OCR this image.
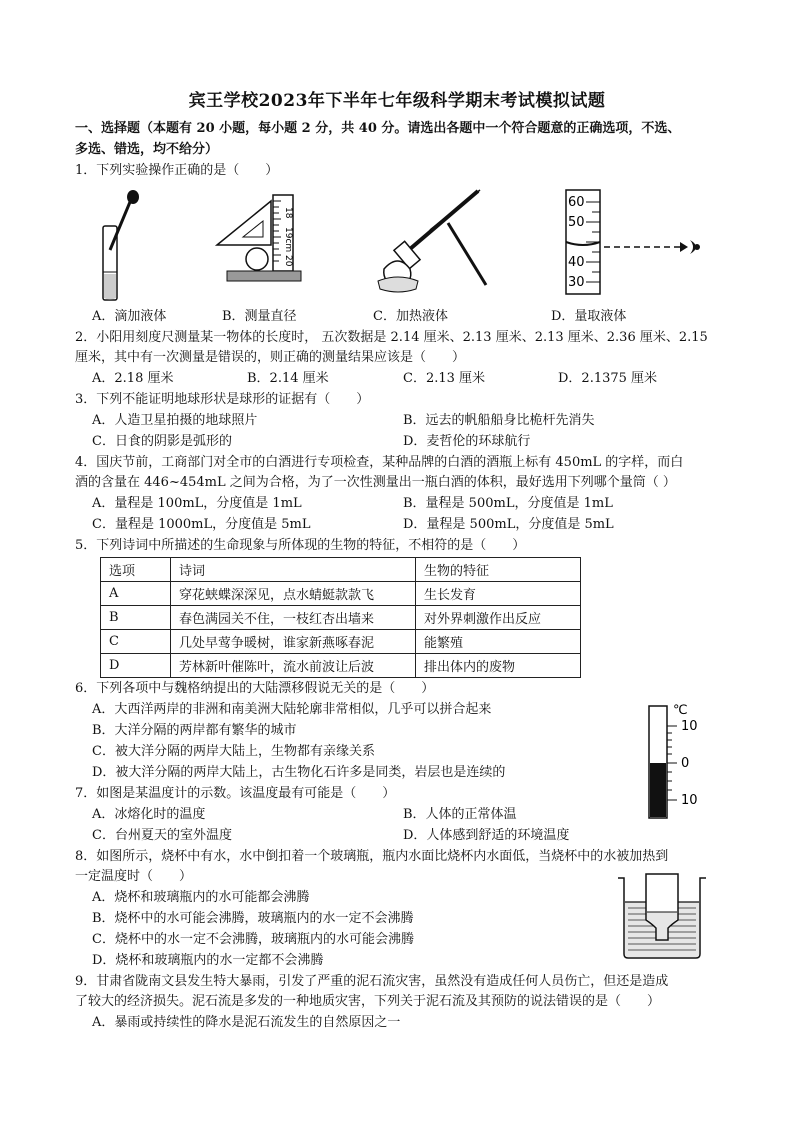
宾王学校2023年下半年七年级科学期末考试模拟试题
一、选择题（本题有 20 小题，每小题 2 分，共 40 分。请选出各题中一个符合题意的正确选项，不选、
多选、错选，均不给分）
1．下列实验操作正确的是（　　）
18
19cm
20
60
50
40
30
A．滴加液体	B．测量直径	C．加热液体	D．量取液体
2．小阳用刻度尺测量某一物体的长度时， 五次数据是 2.14 厘米、2.13 厘米、2.13 厘米、2.36 厘米、2.15
厘米，其中有一次测量是错误的，则正确的测量结果应该是（　　）
A．2.18 厘米	B．2.14 厘米	C．2.13 厘米	D．2.1375 厘米
3．下列不能证明地球形状是球形的证据有（　　）
A．人造卫星拍摄的地球照片	B．远去的帆船船身比桅杆先消失
C．日食的阴影是弧形的	D．麦哲伦的环球航行
4．国庆节前，工商部门对全市的白酒进行专项检查，某种品牌的白酒的酒瓶上标有 450mL 的字样，而白
酒的含量在 446~454mL 之间为合格，为了一次性测量出一瓶白酒的体积，最好选用下列哪个量筒（ ）
A．量程是 100mL，分度值是 1mL	B．量程是 500mL，分度值是 1mL
C．量程是 1000mL，分度值是 5mL	D．量程是 500mL，分度值是 5mL
5．下列诗词中所描述的生命现象与所体现的生物的特征，不相符的是（　　）
选项	诗词	生物的特征
A	穿花蛱蝶深深见，点水蜻蜓款款飞	生长发育
B	春色满园关不住，一枝红杏出墙来	对外界刺激作出反应
C	几处早莺争暖树，谁家新燕啄春泥	能繁殖
D	芳林新叶催陈叶，流水前波让后波	排出体内的废物
6．下列各项中与魏格纳提出的大陆漂移假说无关的是（　　）
A．大西洋两岸的非洲和南美洲大陆轮廓非常相似，几乎可以拼合起来
B．大洋分隔的两岸都有繁华的城市
C．被大洋分隔的两岸大陆上，生物都有亲缘关系
D．被大洋分隔的两岸大陆上，古生物化石许多是同类，岩层也是连续的
℃
10
0
10
7．如图是某温度计的示数。该温度最有可能是（　　）
A．冰熔化时的温度	B．人体的正常体温
C．台州夏天的室外温度	D．人体感到舒适的环境温度
8．如图所示，烧杯中有水，水中倒扣着一个玻璃瓶，瓶内水面比烧杯内水面低，当烧杯中的水被加热到
一定温度时（　　）
A．烧杯和玻璃瓶内的水可能都会沸腾
B．烧杯中的水可能会沸腾，玻璃瓶内的水一定不会沸腾
C．烧杯中的水一定不会沸腾，玻璃瓶内的水可能会沸腾
D．烧杯和玻璃瓶内的水一定都不会沸腾
9．甘肃省陇南文县发生特大暴雨，引发了严重的泥石流灾害，虽然没有造成任何人员伤亡，但还是造成
了较大的经济损失。泥石流是多发的一种地质灾害，下列关于泥石流及其预防的说法错误的是（　　）
A．暴雨或持续性的降水是泥石流发生的自然原因之一
